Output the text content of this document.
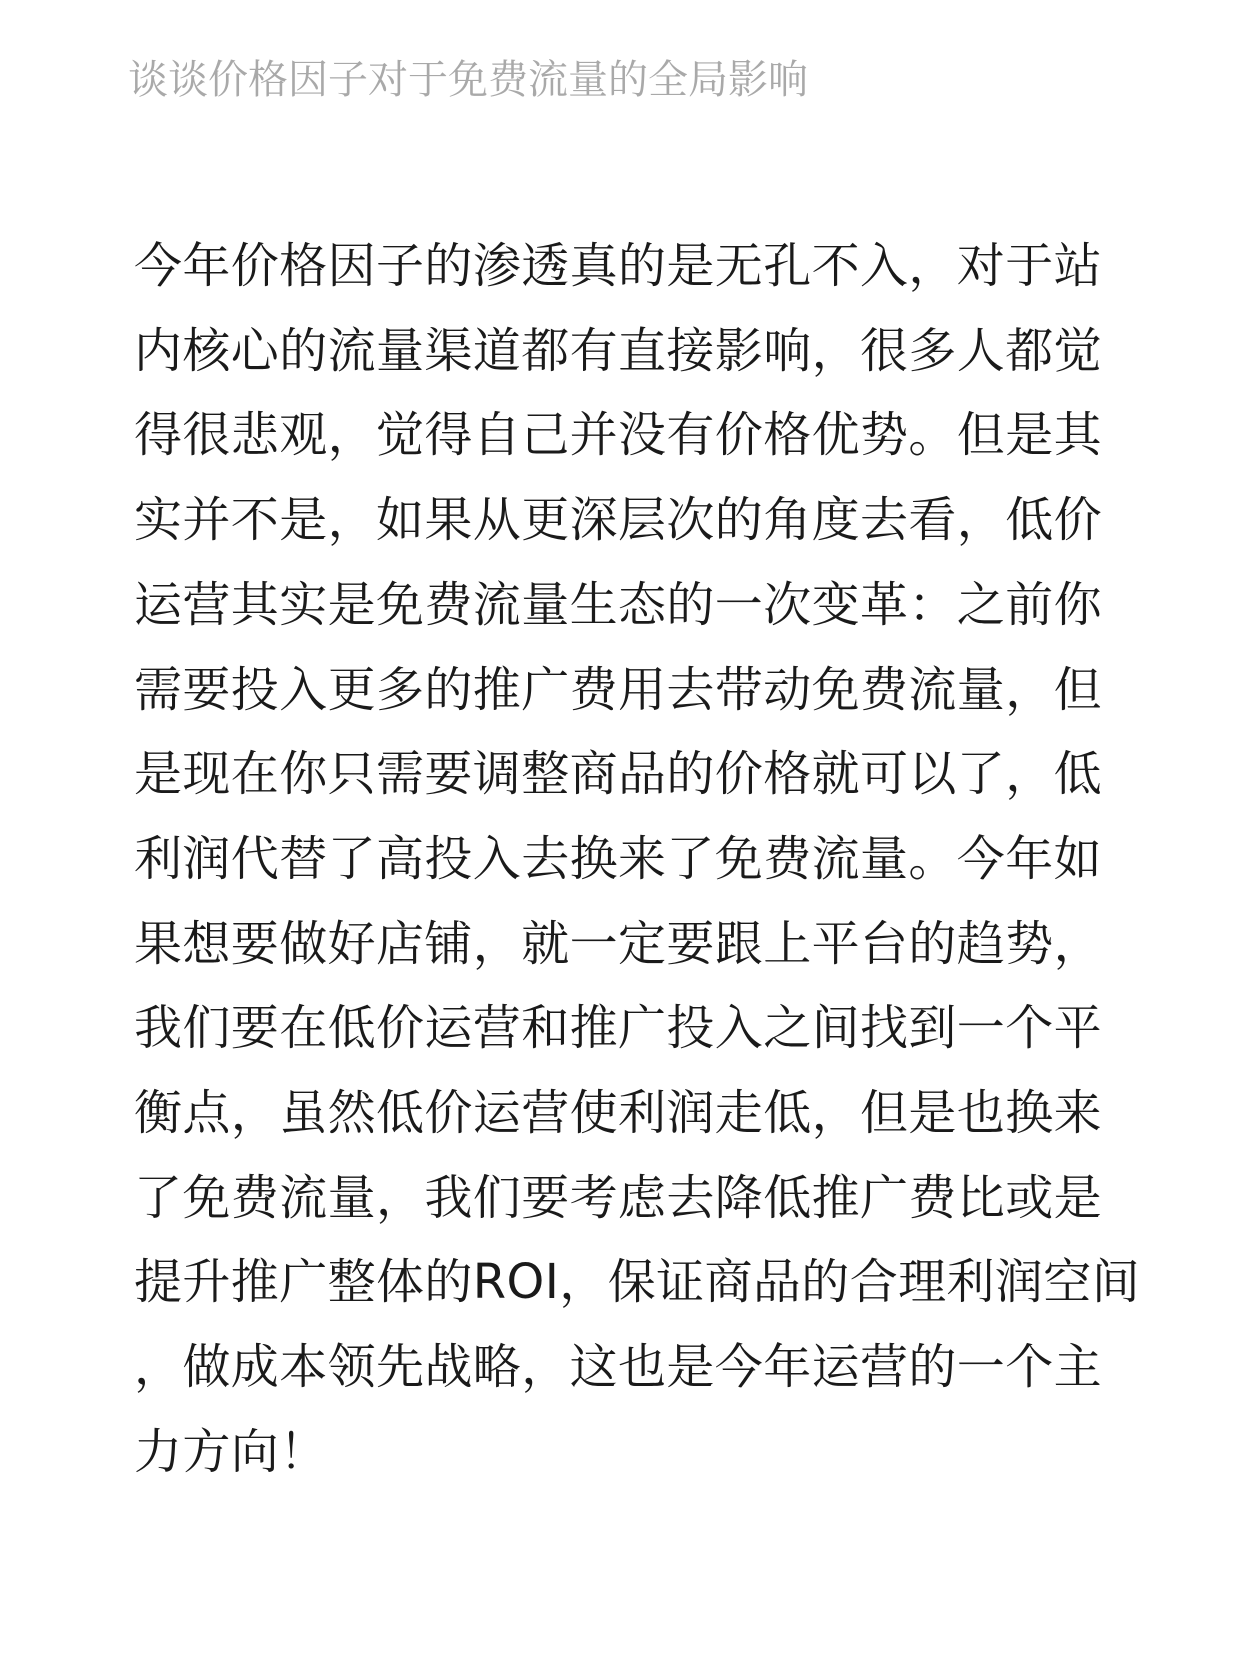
谈谈价格因子对于免费流量的全局影响
今年价格因子的渗透真的是无孔不入，对于站
内核心的流量渠道都有直接影响，很多人都觉
得很悲观，觉得自己并没有价格优势。但是其
实并不是，如果从更深层次的角度去看，低价
运营其实是免费流量生态的一次变革：之前你
需要投入更多的推广费用去带动免费流量，但
是现在你只需要调整商品的价格就可以了，低
利润代替了高投入去换来了免费流量。今年如
果想要做好店铺，就一定要跟上平台的趋势，
我们要在低价运营和推广投入之间找到一个平
衡点，虽然低价运营使利润走低，但是也换来
了免费流量，我们要考虑去降低推广费比或是
提升推广整体的ROI，保证商品的合理利润空间
，做成本领先战略，这也是今年运营的一个主
力方向！
